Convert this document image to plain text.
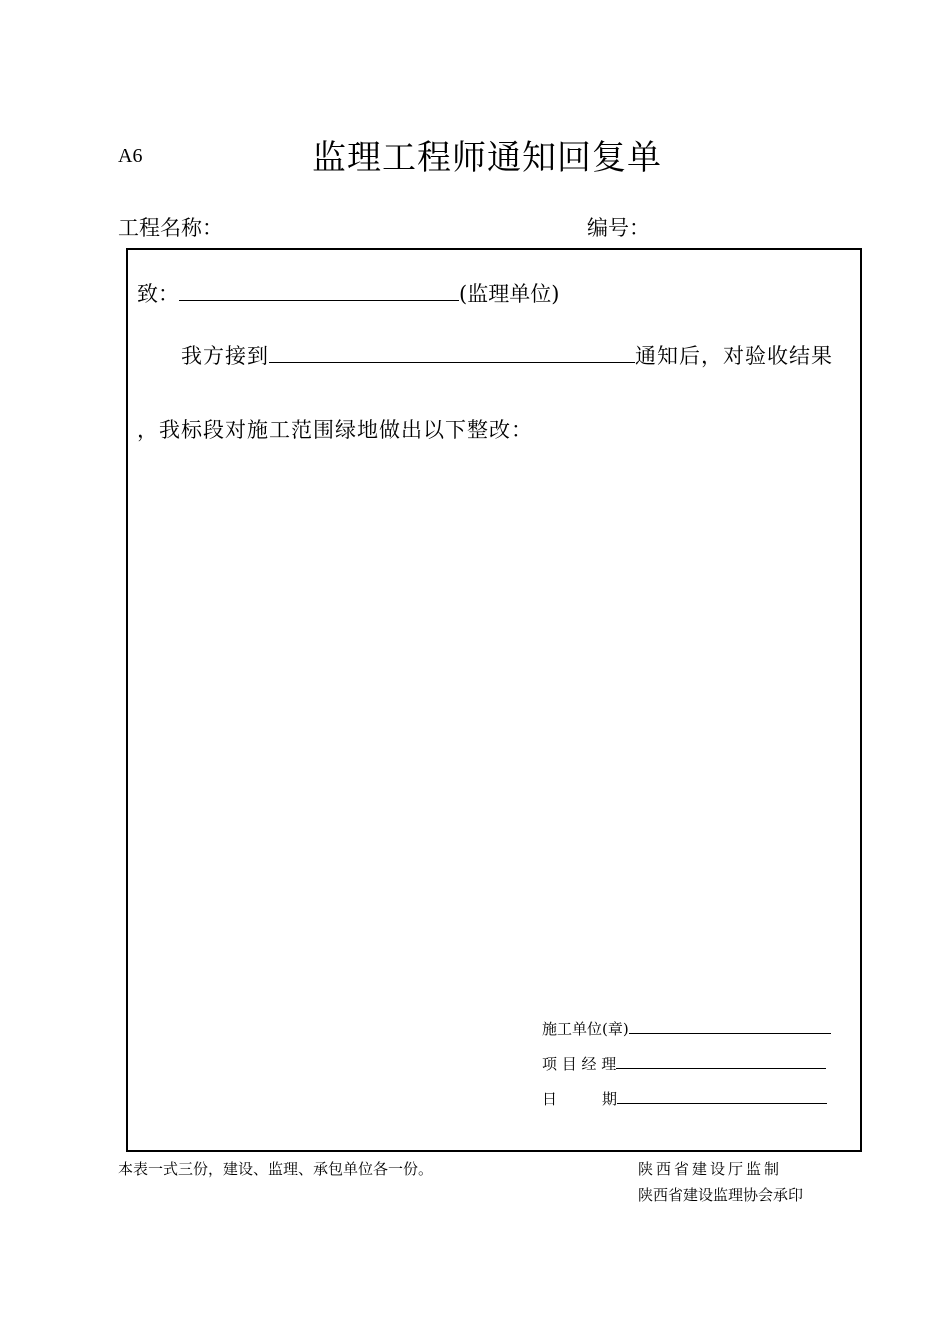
A6	监理工程师通知回复单
工程名称：	编号：
致：	(监理单位)
我方接到	通知后，对验收结果
，我标段对施工范围绿地做出以下整改：
施工单位(章)
项 目 经 理
日　　　期
本表一式三份，建设、监理、承包单位各一份。	陕西省建设厅监制
陕西省建设监理协会承印
